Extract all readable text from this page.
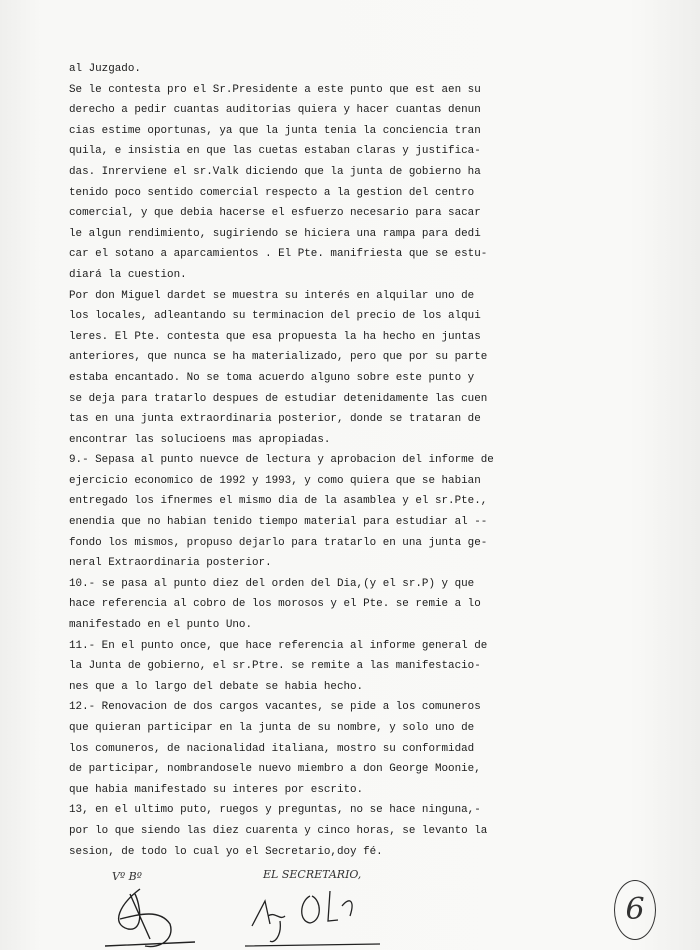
al Juzgado.
Se le contesta pro el Sr.Presidente a este punto que est aen su
derecho a pedir cuantas auditorias quiera y hacer cuantas denun
cias estime oportunas, ya que la junta tenia la conciencia tran
quila, e insistia en que las cuetas estaban claras y justifica-
das. Inrerviene el sr.Valk diciendo que la junta de gobierno ha
tenido poco sentido comercial respecto a la gestion del centro
comercial, y que debia hacerse el esfuerzo necesario para sacar
le algun rendimiento, sugiriendo se hiciera una rampa para dedi
car el sotano a aparcamientos . El Pte. manifriesta que se estu-
diará la cuestion.
Por don Miguel dardet se muestra su interés en alquilar uno de
los locales, adleantando su terminacion del precio de los alqui
leres. El Pte. contesta que esa propuesta la ha hecho en juntas
anteriores, que nunca se ha materializado, pero que por su parte
estaba encantado. No se toma acuerdo alguno sobre este punto y
se deja para tratarlo despues de estudiar detenidamente las cuen
tas en una junta extraordinaria posterior, donde se trataran de
encontrar las solucioens mas apropiadas.
9.- Sepasa al punto nuevce de lectura y aprobacion del informe de
ejercicio economico de 1992 y 1993, y como quiera que se habian
entregado los ifnermes el mismo dia de la asamblea y el sr.Pte.,
enendia que no habian tenido tiempo material para estudiar al --
fondo los mismos, propuso dejarlo para tratarlo en una junta ge-
neral Extraordinaria posterior.
10.- se pasa al punto diez del orden del Dia,(y el sr.P) y que
hace referencia al cobro de los morosos y el Pte. se remie a lo
manifestado en el punto Uno.
11.- En el punto once, que hace referencia al informe general de
la Junta de gobierno, el sr.Ptre. se remite a las manifestacio-
nes que a lo largo del debate se habia hecho.
12.- Renovacion de dos cargos vacantes, se pide a los comuneros
que quieran participar en la junta de su nombre, y solo uno de
los comuneros, de nacionalidad italiana, mostro su conformidad
de participar, nombrandosele nuevo miembro a don George Moonie,
que habia manifestado su interes por escrito.
13, en el ultimo puto, ruegos y preguntas, no se hace ninguna,-
por lo que siendo las diez cuarenta y cinco horas, se levanto la
sesion, de todo lo cual yo el Secretario,doy fé.
Vº Bº	EL SECRETARIO,
6
